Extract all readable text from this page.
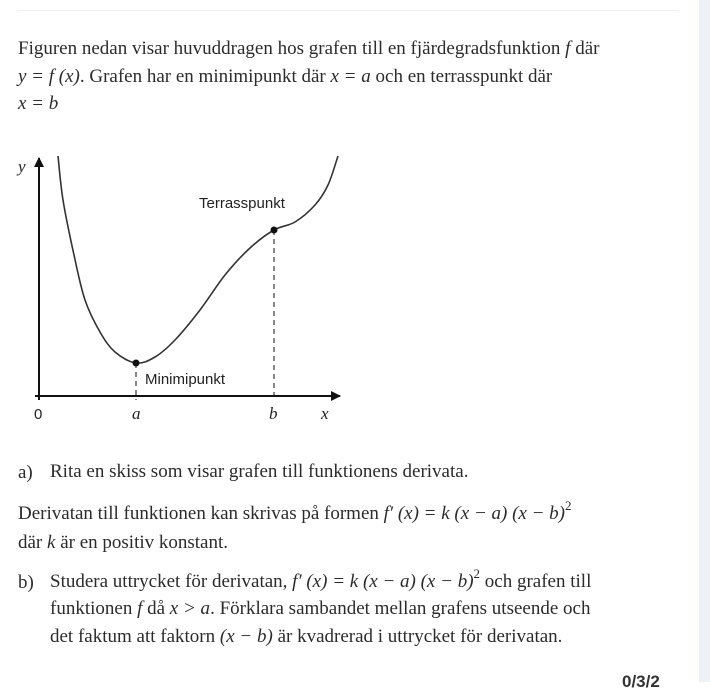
Figuren nedan visar huvuddragen hos grafen till en fjärdegradsfunktion f där
y = f (x). Grafen har en minimipunkt där x = a och en terrasspunkt där
x = b
y
x
0	a	b
Minimipunkt
Terrasspunkt
a) Rita en skiss som visar grafen till funktionens derivata.
Derivatan till funktionen kan skrivas på formen f′ (x) = k (x − a) $(x - b)^2$
där k är en positiv konstant.
b) Studera uttrycket för derivatan, f′ (x) = k (x − a) $(x - b)^2$ och grafen till
funktionen f då x > a. Förklara sambandet mellan grafens utseende och
det faktum att faktorn (x − b) är kvadrerad i uttrycket för derivatan.
0/3/2
